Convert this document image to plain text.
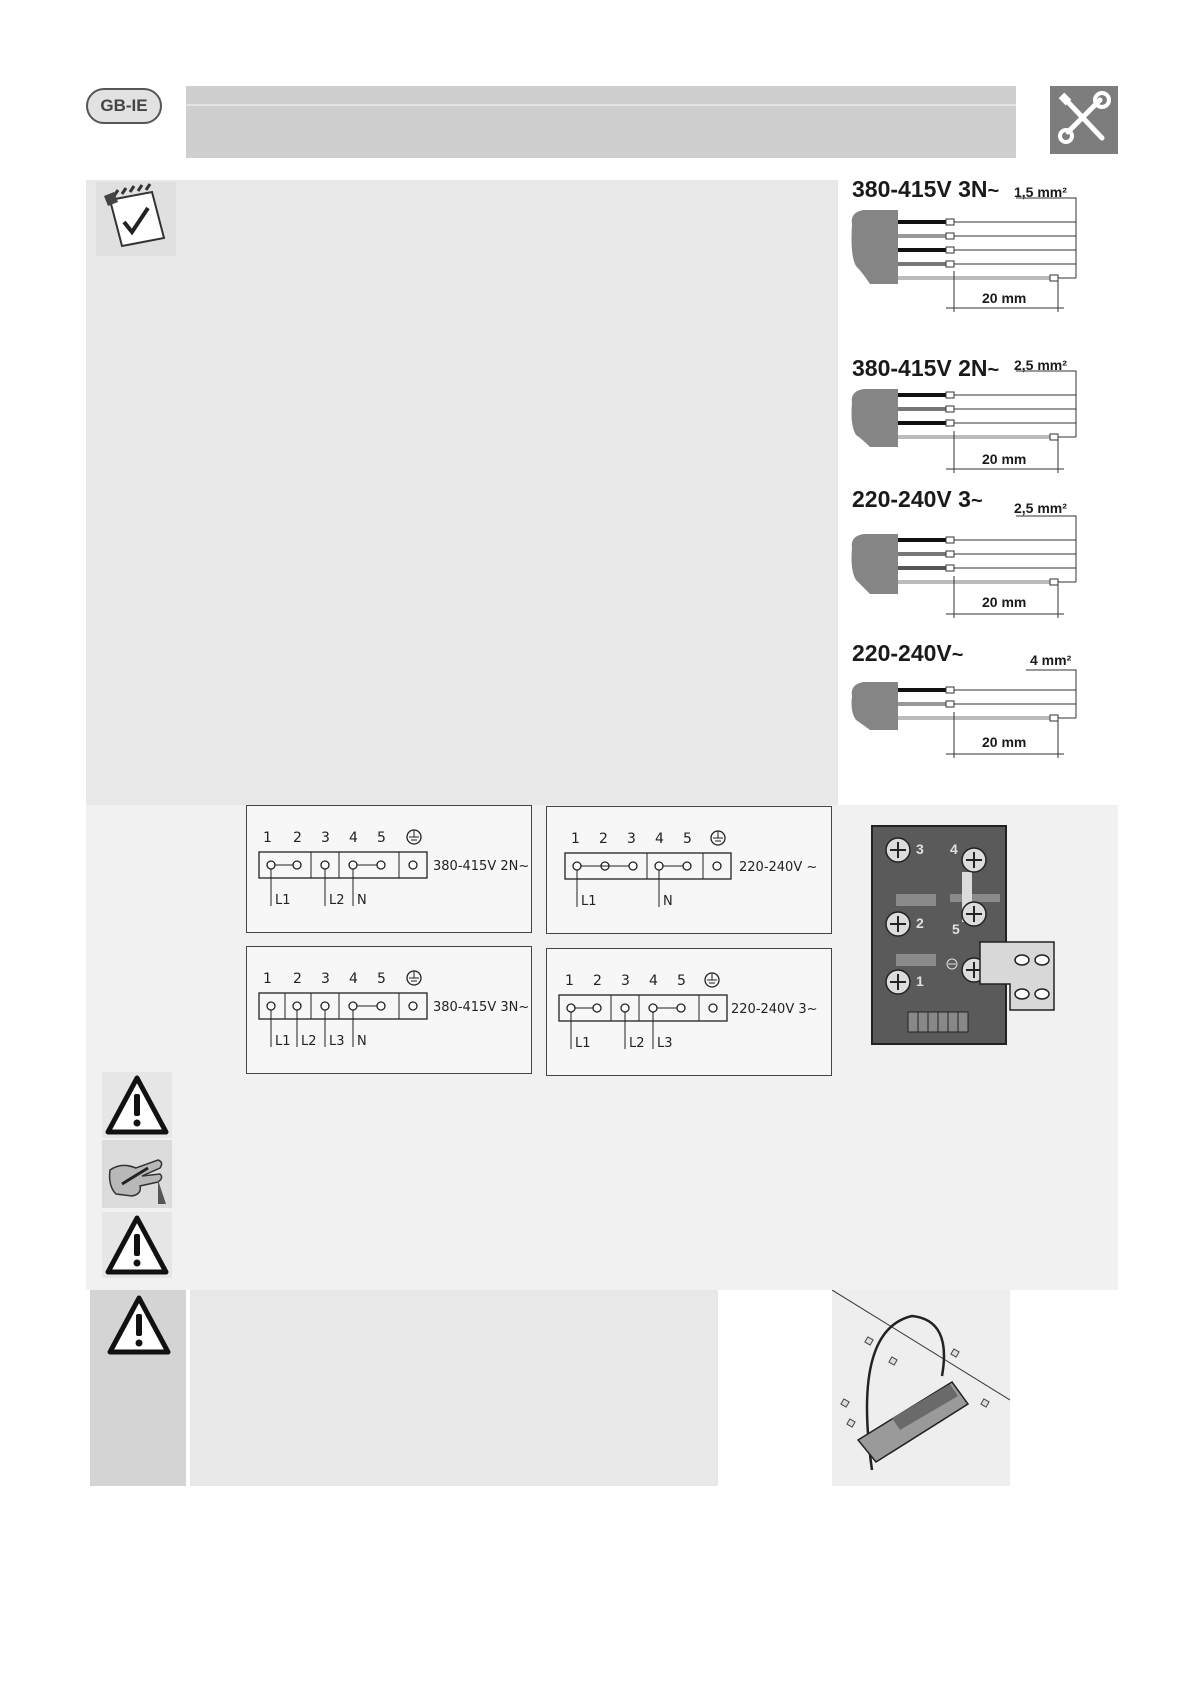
GB-IE
380-415V 3N~ 1,5 mm²
20 mm
380-415V 2N~ 2,5 mm²
20 mm
220-240V 3~ 2,5 mm²
20 mm
220-240V~	4 mm²
20 mm
1 2 3 4 5
L1	L2 N
380-415V 2N~
1 2 3 4 5
L1	N
220-240V ~
1 2 3 4 5
L1 L2 L3 N
380-415V 3N~
1 2 3 4 5
L1	L2 L3
220-240V 3~
3 4
2 5
1
